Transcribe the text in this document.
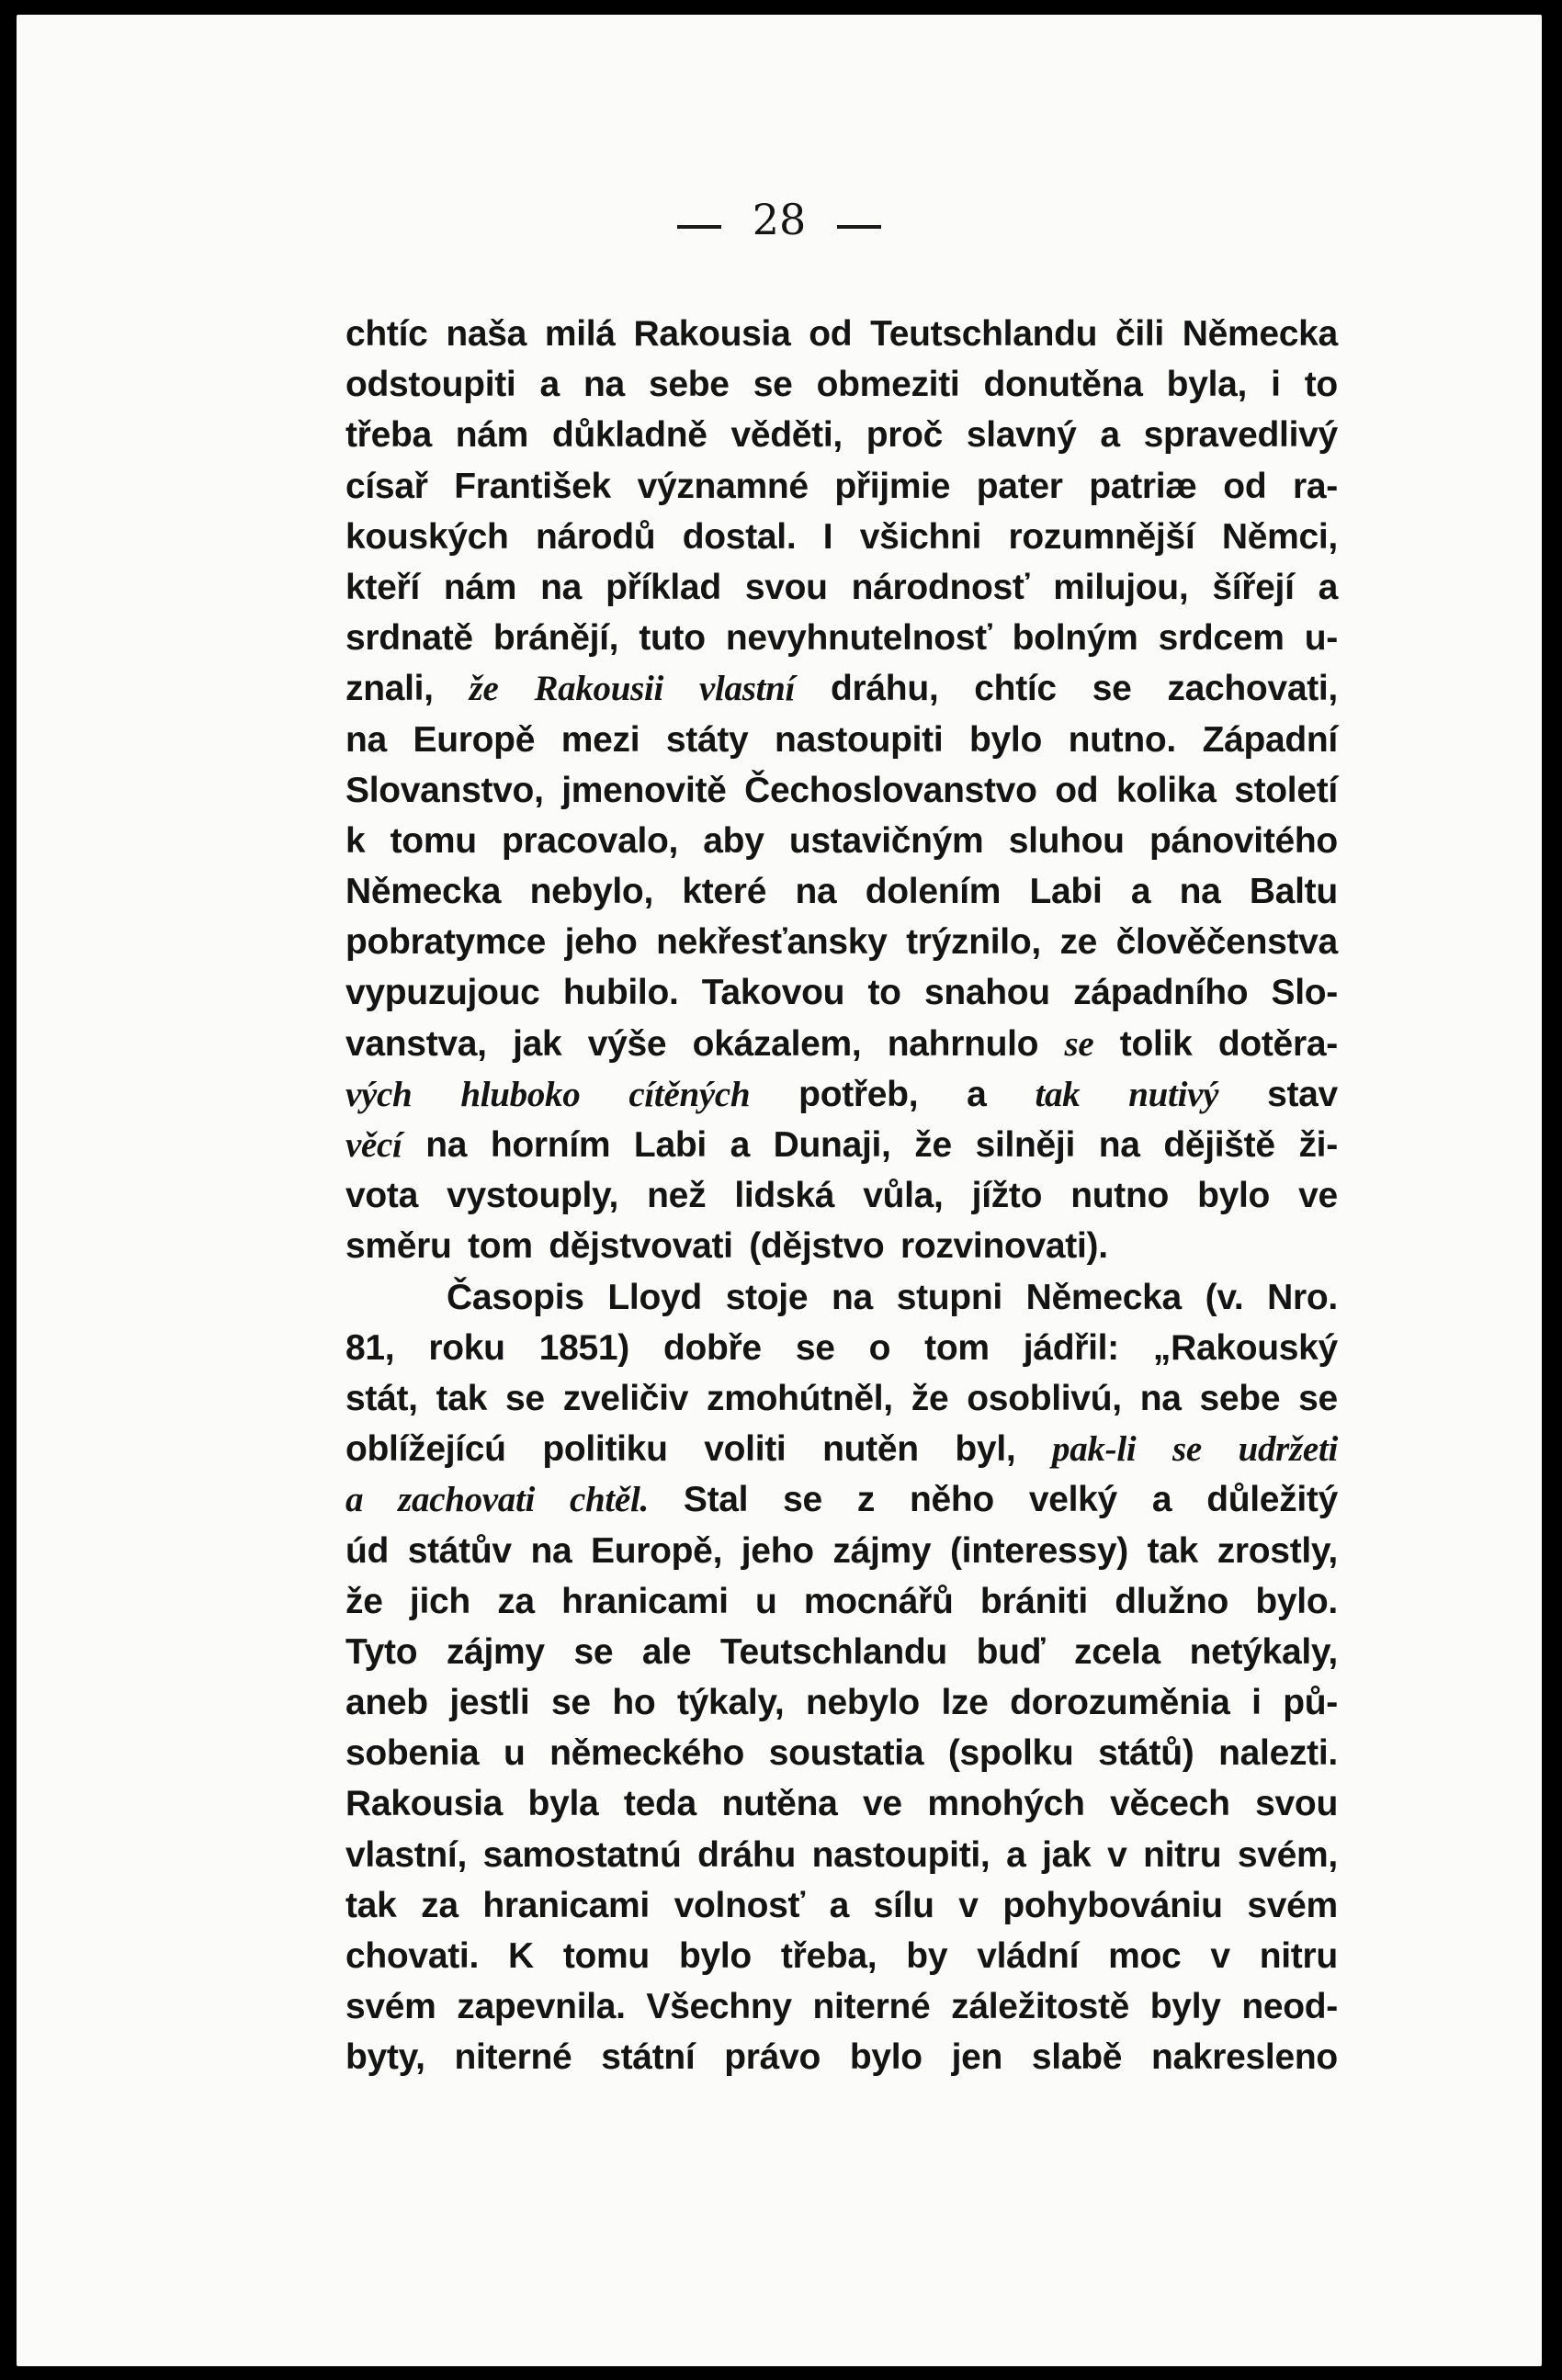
28
chtíc naša milá Rakousia od Teutschlandu čili Německa
odstoupiti a na sebe se obmeziti donutěna byla, i to
třeba nám důkladně věděti, proč slavný a spravedlivý
císař František významné přijmie pater patriæ od ra-
kouských národů dostal. I všichni rozumnější Němci,
kteří nám na příklad svou národnosť milujou, šířejí a
srdnatě bránějí, tuto nevyhnutelnosť bolným srdcem u-
znali, že Rakousii vlastní dráhu, chtíc se zachovati,
na Europě mezi státy nastoupiti bylo nutno. Západní
Slovanstvo, jmenovitě Čechoslovanstvo od kolika století
k tomu pracovalo, aby ustavičným sluhou pánovitého
Německa nebylo, které na dolením Labi a na Baltu
pobratymce jeho nekřesťansky trýznilo, ze člověčenstva
vypuzujouc hubilo. Takovou to snahou západního Slo-
vanstva, jak výše okázalem, nahrnulo se tolik dotěra-
vých hluboko cítěných potřeb, a tak nutivý stav
věcí na horním Labi a Dunaji, že silněji na dějiště ži-
vota vystouply, než lidská vůla, jížto nutno bylo ve
směru tom dějstvovati (dějstvo rozvinovati).
Časopis Lloyd stoje na stupni Německa (v. Nro.
81, roku 1851) dobře se o tom jádřil: „Rakouský
stát, tak se zveličiv zmohútněl, že osoblivú, na sebe se
oblížejícú politiku voliti nutěn byl, pak-li se udržeti
a zachovati chtěl. Stal se z něho velký a důležitý
úd státův na Europě, jeho zájmy (interessy) tak zrostly,
že jich za hranicami u mocnářů brániti dlužno bylo.
Tyto zájmy se ale Teutschlandu buď zcela netýkaly,
aneb jestli se ho týkaly, nebylo lze dorozuměnia i pů-
sobenia u německého soustatia (spolku států) nalezti.
Rakousia byla teda nutěna ve mnohých věcech svou
vlastní, samostatnú dráhu nastoupiti, a jak v nitru svém,
tak za hranicami volnosť a sílu v pohybovániu svém
chovati. K tomu bylo třeba, by vládní moc v nitru
svém zapevnila. Všechny niterné záležitostě byly neod-
byty, niterné státní právo bylo jen slabě nakresleno
